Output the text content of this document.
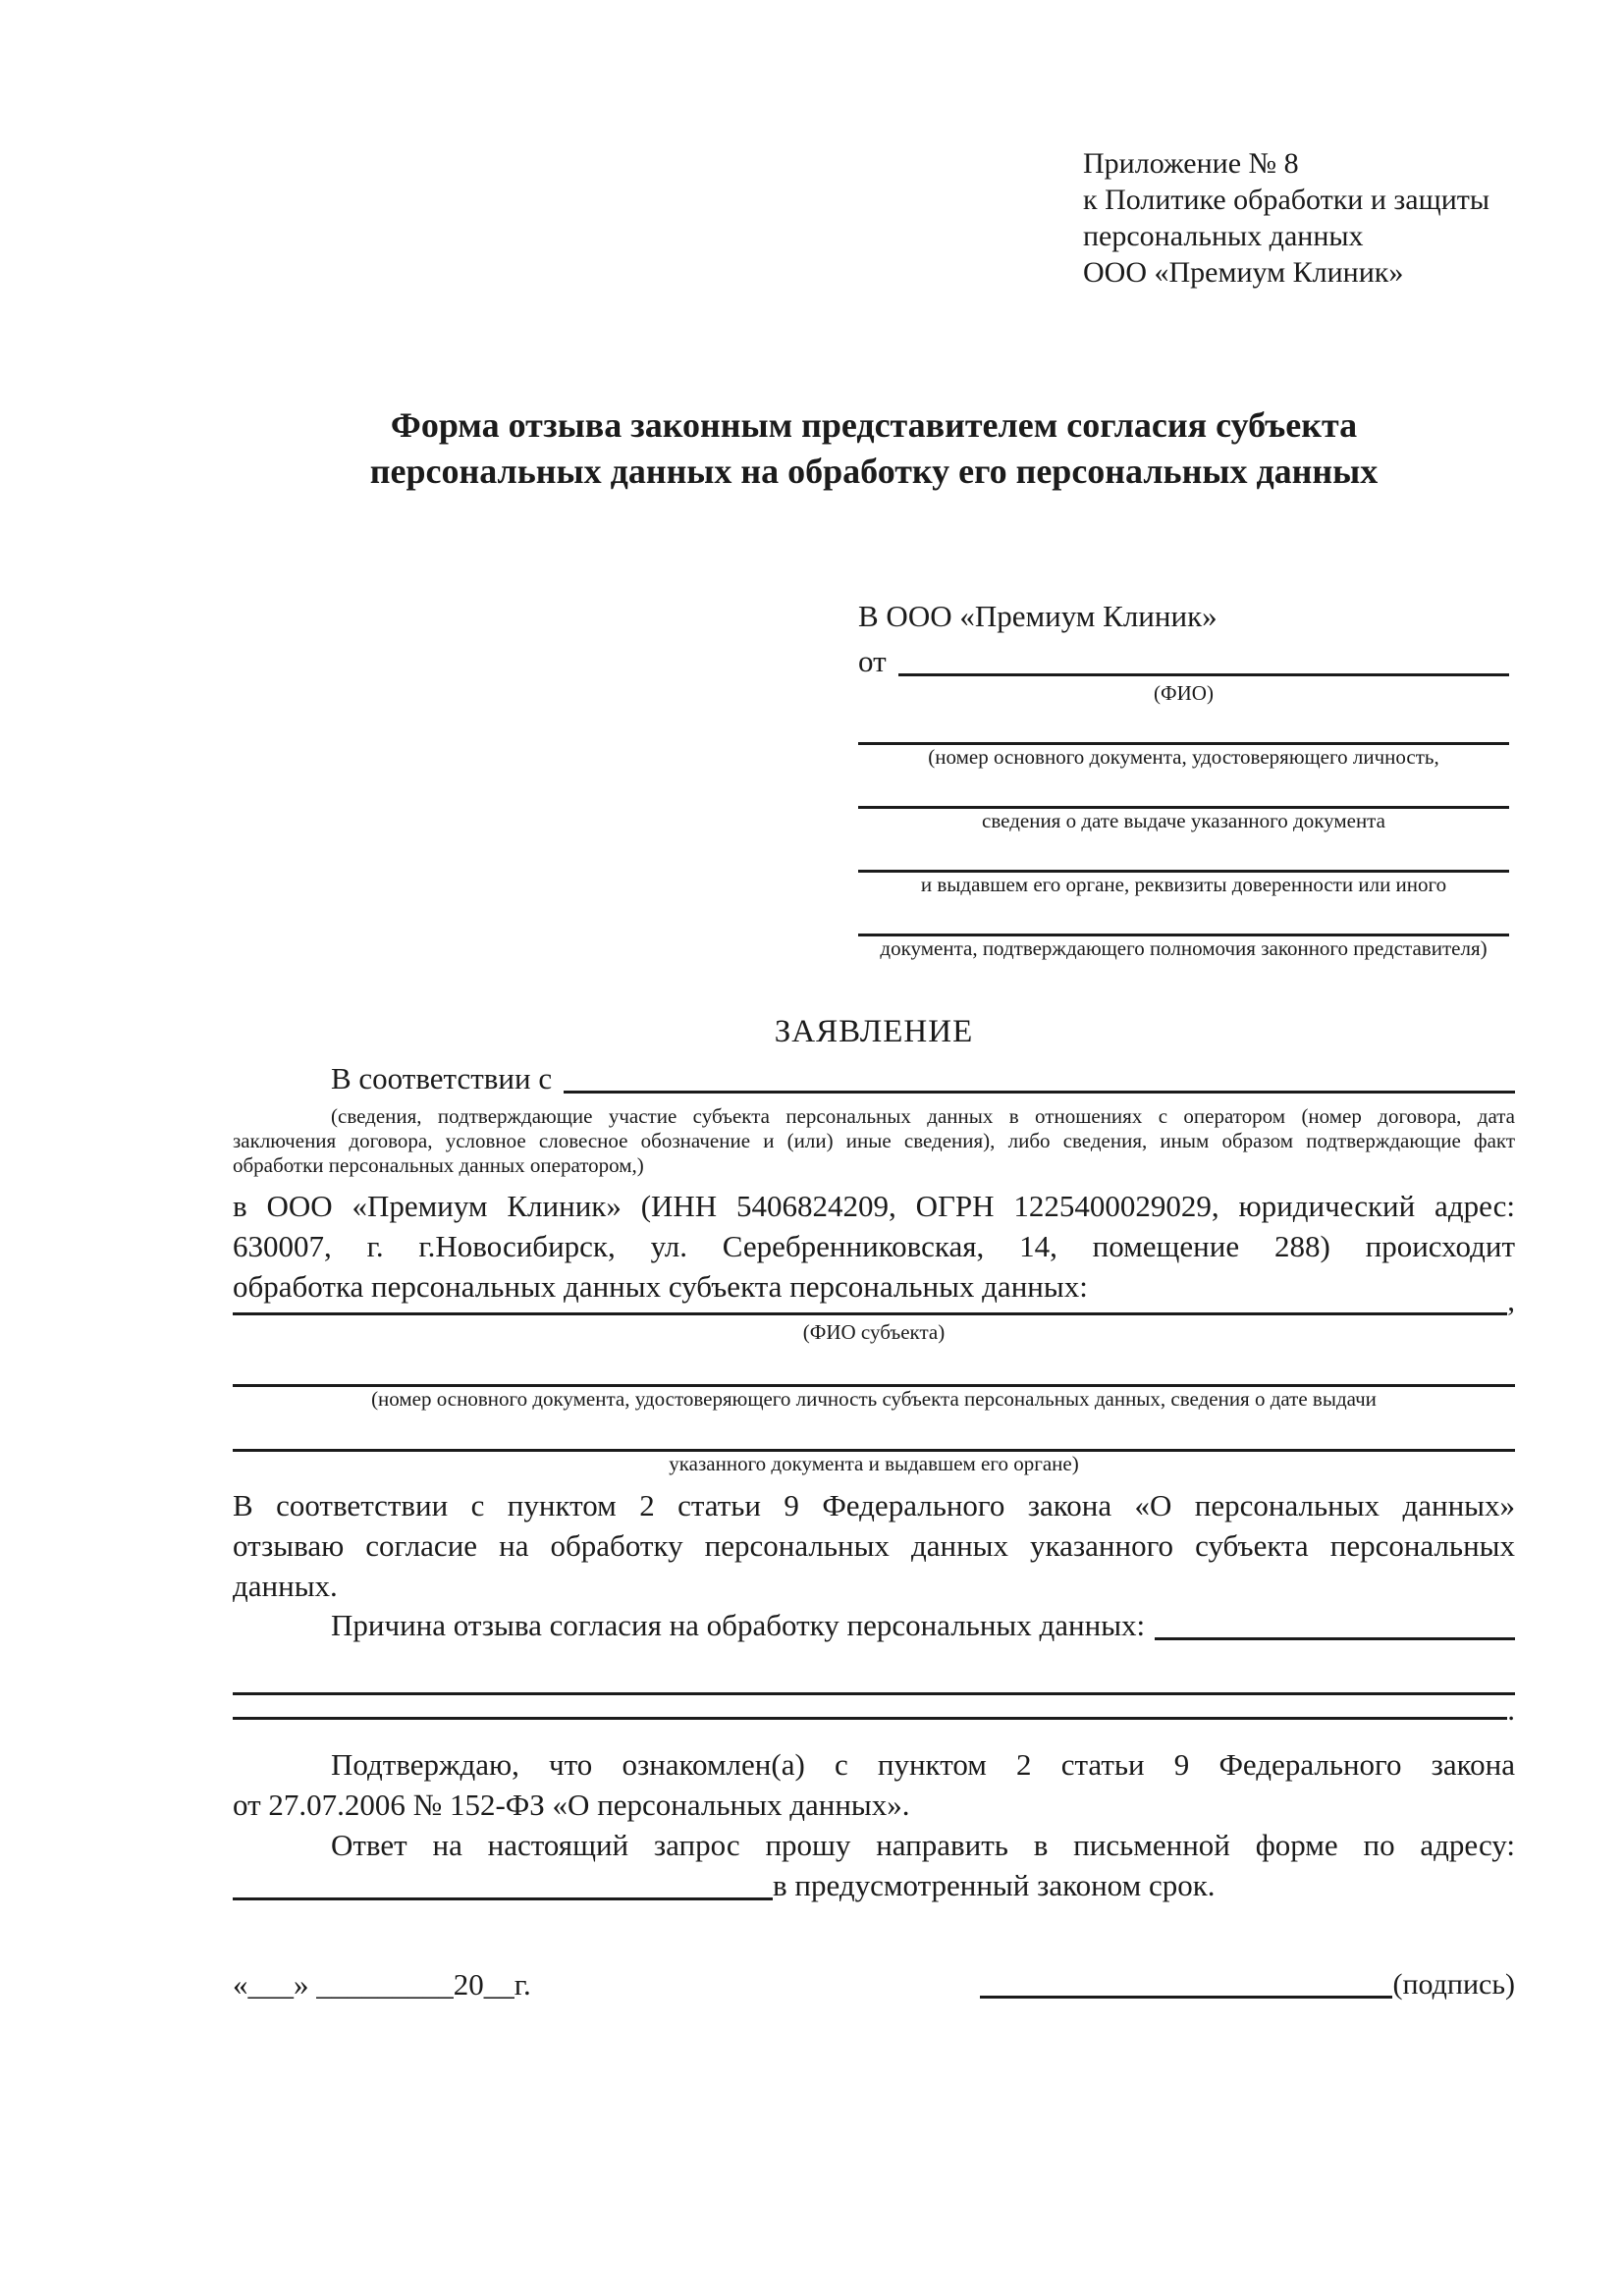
Приложение № 8
к Политике обработки и защиты
персональных данных
ООО «Премиум Клиник»
Форма отзыва законным представителем согласия субъекта
персональных данных на обработку его персональных данных
В ООО «Премиум Клиник»
от
(ФИО)
(номер основного документа, удостоверяющего личность,
сведения о дате выдаче указанного документа
и выдавшем его органе, реквизиты доверенности или иного
документа, подтверждающего полномочия законного представителя)
ЗАЯВЛЕНИЕ
В соответствии с
(сведения, подтверждающие участие субъекта персональных данных в отношениях с оператором (номер договора, дата
заключения договора, условное словесное обозначение и (или) иные сведения), либо сведения, иным образом подтверждающие факт
обработки персональных данных оператором,)
в ООО «Премиум Клиник» (ИНН 5406824209, ОГРН 1225400029029, юридический адрес:
630007, г. г.Новосибирск, ул. Серебренниковская, 14, помещение 288) происходит
обработка персональных данных субъекта персональных данных:	,
(ФИО субъекта)
(номер основного документа, удостоверяющего личность субъекта персональных данных, сведения о дате выдачи
указанного документа и выдавшем его органе)
В соответствии с пунктом 2 статьи 9 Федерального закона «О персональных данных»
отзываю согласие на обработку персональных данных указанного субъекта персональных
данных.
Причина отзыва согласия на обработку персональных данных:
.
Подтверждаю, что ознакомлен(а) с пунктом 2 статьи 9 Федерального закона
от 27.07.2006 № 152-ФЗ «О персональных данных».
Ответ на настоящий запрос прошу направить в письменной форме по адресу:
в предусмотренный законом срок.
«___» _________20__г.	(подпись)
